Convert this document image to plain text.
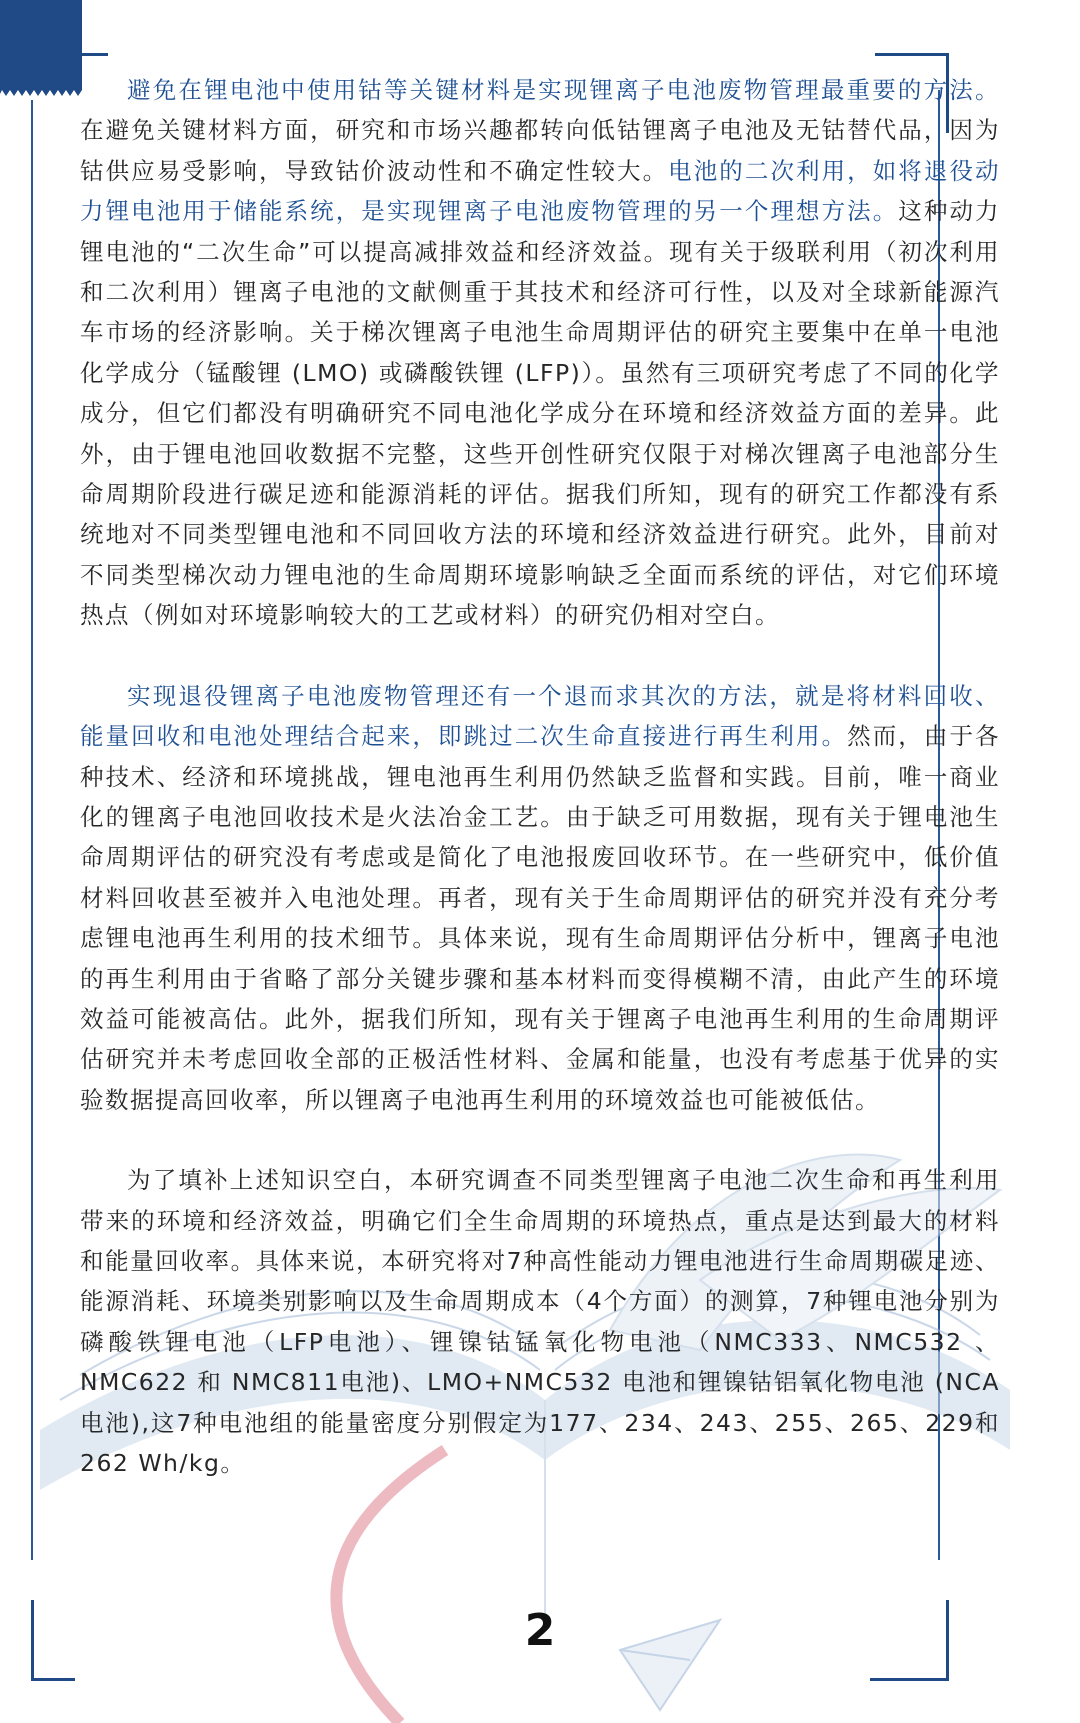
避免在锂电池中使用钴等关键材料是实现锂离子电池废物管理最重要的方法。在避免关键材料方面，研究和市场兴趣都转向低钴锂离子电池及无钴替代品，因为钴供应易受影响，导致钴价波动性和不确定性较大。电池的二次利用，如将退役动力锂电池用于储能系统，是实现锂离子电池废物管理的另一个理想方法。这种动力锂电池的“二次生命”可以提高减排效益和经济效益。现有关于级联利用（初次利用和二次利用）锂离子电池的文献侧重于其技术和经济可行性，以及对全球新能源汽车市场的经济影响。关于梯次锂离子电池生命周期评估的研究主要集中在单一电池化学成分（锰酸锂 (LMO) 或磷酸铁锂 (LFP)）。虽然有三项研究考虑了不同的化学成分，但它们都没有明确研究不同电池化学成分在环境和经济效益方面的差异。此外，由于锂电池回收数据不完整，这些开创性研究仅限于对梯次锂离子电池部分生命周期阶段进行碳足迹和能源消耗的评估。据我们所知，现有的研究工作都没有系统地对不同类型锂电池和不同回收方法的环境和经济效益进行研究。此外，目前对不同类型梯次动力锂电池的生命周期环境影响缺乏全面而系统的评估，对它们环境热点（例如对环境影响较大的工艺或材料）的研究仍相对空白。

实现退役锂离子电池废物管理还有一个退而求其次的方法，就是将材料回收、能量回收和电池处理结合起来，即跳过二次生命直接进行再生利用。然而，由于各种技术、经济和环境挑战，锂电池再生利用仍然缺乏监督和实践。目前，唯一商业化的锂离子电池回收技术是火法冶金工艺。由于缺乏可用数据，现有关于锂电池生命周期评估的研究没有考虑或是简化了电池报废回收环节。在一些研究中，低价值材料回收甚至被并入电池处理。再者，现有关于生命周期评估的研究并没有充分考虑锂电池再生利用的技术细节。具体来说，现有生命周期评估分析中，锂离子电池的再生利用由于省略了部分关键步骤和基本材料而变得模糊不清，由此产生的环境效益可能被高估。此外，据我们所知，现有关于锂离子电池再生利用的生命周期评估研究并未考虑回收全部的正极活性材料、金属和能量，也没有考虑基于优异的实验数据提高回收率，所以锂离子电池再生利用的环境效益也可能被低估。

为了填补上述知识空白，本研究调查不同类型锂离子电池二次生命和再生利用带来的环境和经济效益，明确它们全生命周期的环境热点，重点是达到最大的材料和能量回收率。具体来说，本研究将对7种高性能动力锂电池进行生命周期碳足迹、能源消耗、环境类别影响以及生命周期成本（4个方面）的测算，7种锂电池分别为磷酸铁锂电池（LFP电池）、锂镍钴锰氧化物电池（NMC333、NMC532 、NMC622 和 NMC811电池)、LMO+NMC532 电池和锂镍钴铝氧化物电池 (NCA电池),这7种电池组的能量密度分别假定为177、234、243、255、265、229和262 Wh/kg。

2
